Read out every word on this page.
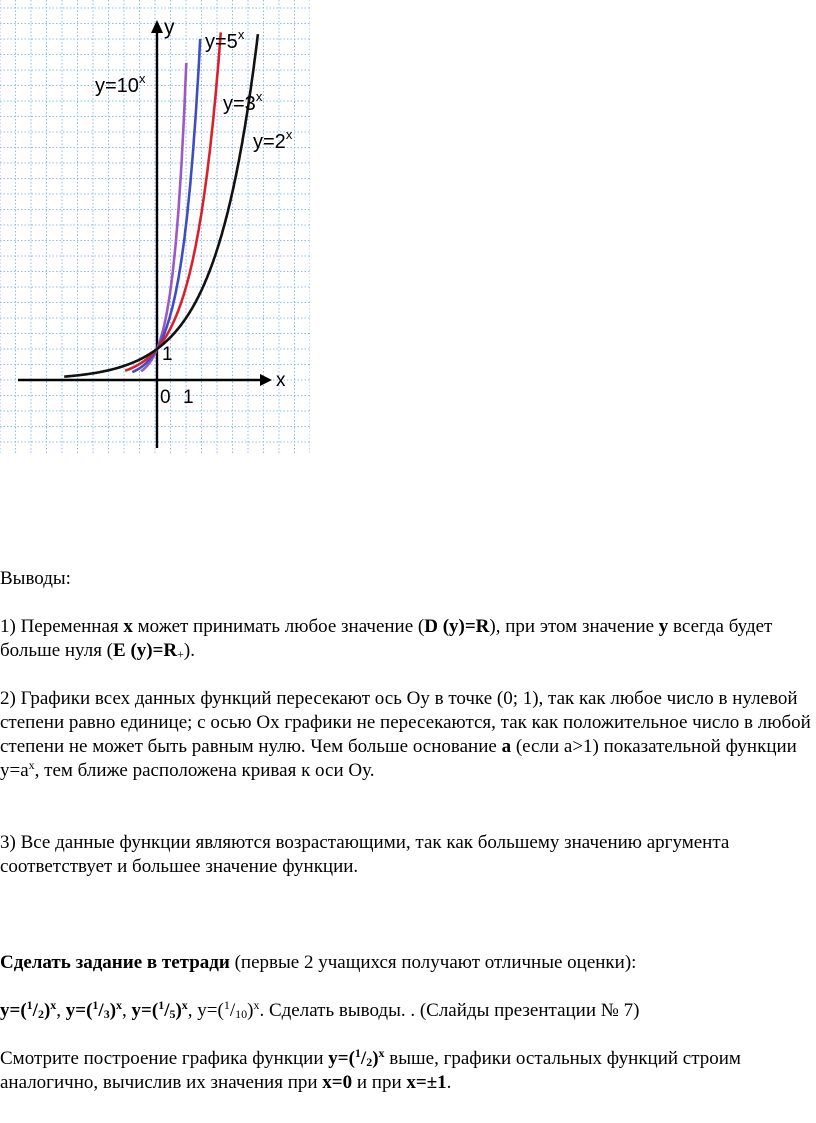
x
y
0 1
1
$y=10^x$
$y=5^x$
$y=3^x$
$y=2^x$

Выводы:

1) Переменная x может принимать любое значение (D (y)=R), при этом значение y всегда будет больше нуля (E $(y)=R_+$).

2) Графики всех данных функций пересекают ось Оy в точке (0; 1), так как любое число в нулевой степени равно единице; с осью Ох графики не пересекаются, так как положительное число в любой степени не может быть равным нулю. Чем больше основание a (если а>1) показательной функции $y=a^x$, тем ближе расположена кривая к оси Оу.

3) Все данные функции являются возрастающими, так как большему значению аргумента соответствует и большее значение функции.

Сделать задание в тетради (первые 2 учащихся получают отличные оценки):

$y=(^1/_2)^x$, $y=(^1/_3)^x$, $y=(^1/_5)^x$, $y=(^1/_{10})^x$. Сделать выводы. . (Слайды презентации № 7)

Смотрите построение графика функции $y=(^1/_2)^x$ выше, графики остальных функций строим аналогично, вычислив их значения при x=0 и при x=±1.
